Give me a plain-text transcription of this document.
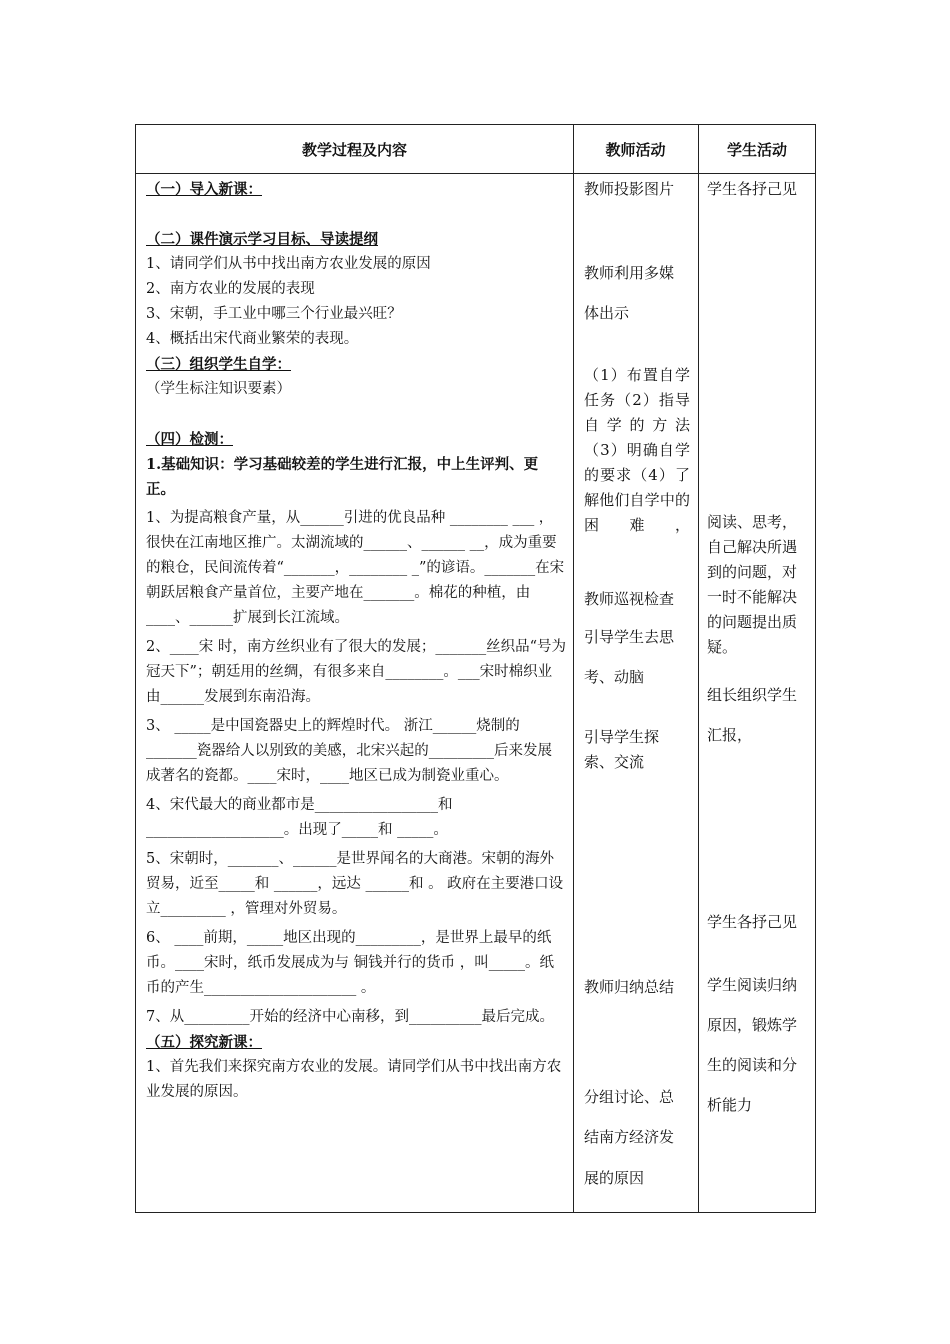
教学过程及内容	教师活动	学生活动

（一）导入新课：

（二）课件演示学习目标、导读提纲

1、请同学们从书中找出南方农业发展的原因

2、南方农业的发展的表现

3、宋朝，手工业中哪三个行业最兴旺？

4、概括出宋代商业繁荣的表现。

（三）组织学生自学：

（学生标注知识要素）

（四）检测：

1.基础知识：学习基础较差的学生进行汇报，中上生评判、更正。

1、为提高粮食产量，从______引进的优良品种 ________ ___ ，很快在江南地区推广。太湖流域的______、______ __，成为重要的粮仓，民间流传着“_______，________ _”的谚语。_______在宋朝跃居粮食产量首位，主要产地在_______。棉花的种植，由____、______扩展到长江流域。

2、____宋 时，南方丝织业有了很大的发展；_______丝织品“号为冠天下”；朝廷用的丝绸，有很多来自________。___宋时棉织业由______发展到东南沿海。

3、 _____是中国瓷器史上的辉煌时代。 浙江______烧制的 _______瓷器给人以别致的美感，北宋兴起的_________后来发展成著名的瓷都。____宋时，____地区已成为制瓷业重心。

4、宋代最大的商业都市是_________________和___________________。出现了_____和 _____。

5、宋朝时，_______、______是世界闻名的大商港。宋朝的海外贸易，近至_____和 ______，远达 ______和 。 政府在主要港口设立_________ ，管理对外贸易。

6、 ____前期，_____地区出现的_________，是世界上最早的纸币。____宋时，纸币发展成为与 铜钱并行的货币 ，叫_____。纸币的产生_____________________ 。

7、从_________开始的经济中心南移，到__________最后完成。

（五）探究新课：

1、首先我们来探究南方农业的发展。请同学们从书中找出南方农业发展的原因。

教师投影图片

教师利用多媒

体出示

（1）布置自学任务（2）指导自学的方法（3）明确自学的要求（4）了解他们自学中的困难，

教师巡视检查

引导学生去思

考、动脑

引导学生探索、交流

教师归纳总结

分组讨论、总

结南方经济发

展的原因

学生各抒己见

阅读、思考，自己解决所遇到的问题，对一时不能解决的问题提出质疑。

组长组织学生

汇报，

学生各抒己见

学生阅读归纳

原因，锻炼学

生的阅读和分

析能力
